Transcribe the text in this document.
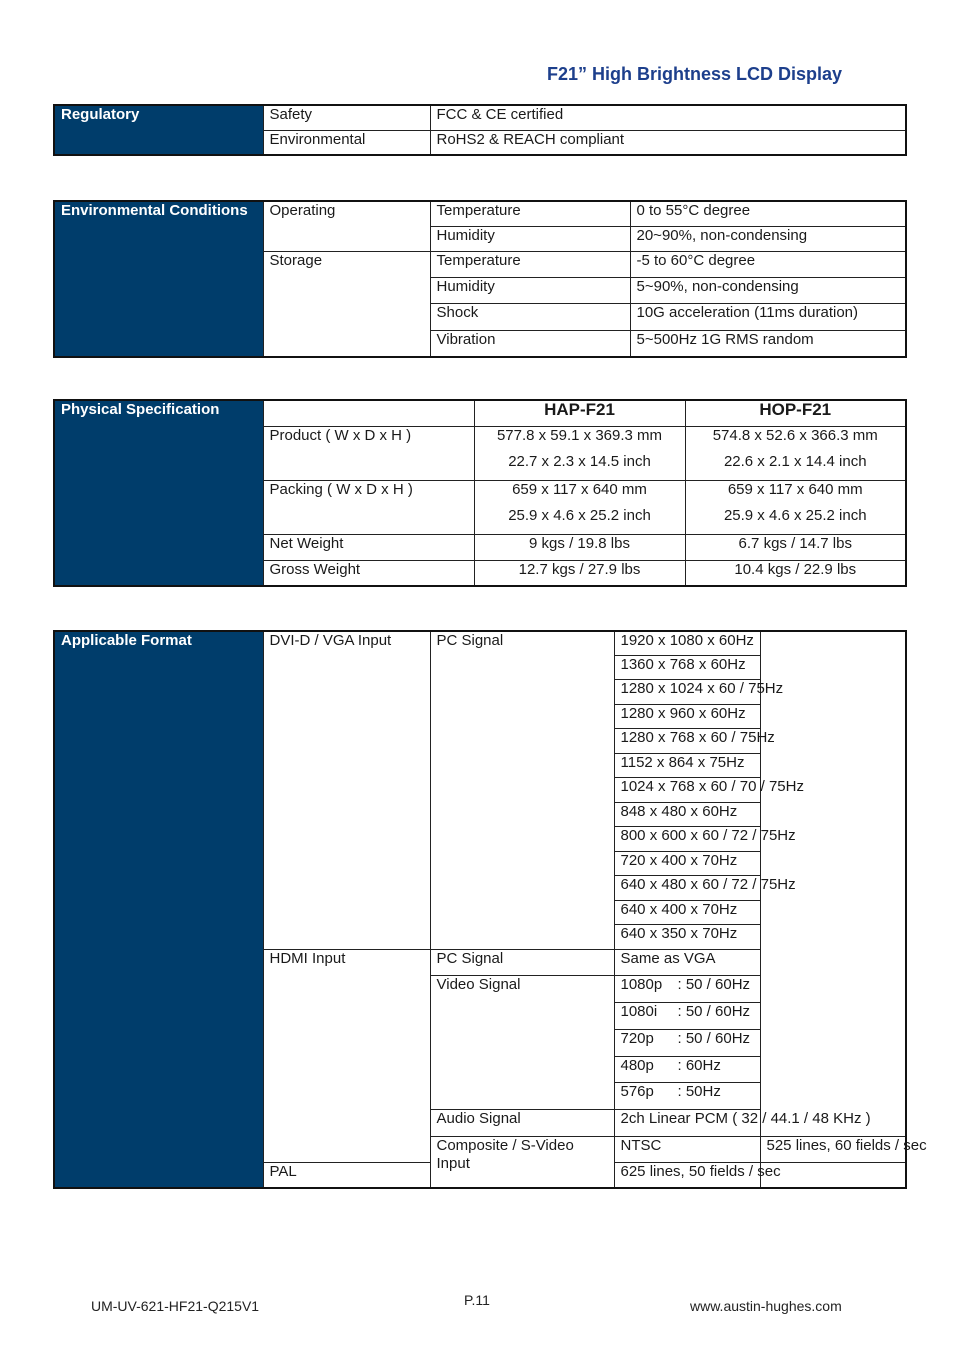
F21” High Brightness LCD Display
Regulatory	Safety	FCC & CE certified
	Environmental	RoHS2 & REACH compliant
Environmental Conditions	Operating	Temperature	0 to 55°C degree
		Humidity	20~90%, non-condensing
	Storage	Temperature	-5 to 60°C degree
		Humidity	5~90%, non-condensing
		Shock	10G acceleration (11ms duration)
		Vibration	5~500Hz 1G RMS random
Physical Specification		HAP-F21	HOP-F21
	Product ( W x D x H )	577.8 x 59.1 x 369.3 mm	574.8 x 52.6 x 366.3 mm
		22.7 x 2.3 x 14.5 inch	22.6 x 2.1 x 14.4 inch
	Packing ( W x D x H )	659 x 117 x 640 mm	659 x 117 x 640 mm
		25.9 x 4.6 x 25.2 inch	25.9 x 4.6 x 25.2 inch
	Net Weight	9 kgs / 19.8 lbs	6.7 kgs / 14.7 lbs
	Gross Weight	12.7 kgs / 27.9 lbs	10.4 kgs / 22.9 lbs
Applicable Format	DVI-D / VGA Input	PC Signal	1920 x 1080 x 60Hz	
			1360 x 768 x 60Hz	
			1280 x 1024 x 60 / 75Hz	
			1280 x 960 x 60Hz	
			1280 x 768 x 60 / 75Hz	
			1152 x 864 x 75Hz	
			1024 x 768 x 60 / 70 / 75Hz	
			848 x 480 x 60Hz	
			800 x 600 x 60 / 72 / 75Hz	
			720 x 400 x 70Hz	
			640 x 480 x 60 / 72 / 75Hz	
			640 x 400 x 70Hz	
			640 x 350 x 70Hz	
	HDMI Input	PC Signal	Same as VGA	
		Video Signal	1080p : 50 / 60Hz	
			1080i : 50 / 60Hz	
			720p : 50 / 60Hz	
			480p : 60Hz	
			576p : 50Hz	
		Audio Signal	2ch Linear PCM ( 32 / 44.1 / 48 KHz )	
		Composite / S-Video Input	NTSC	525 lines, 60 fields / sec
	PAL		625 lines, 50 fields / sec	
UM-UV-621-HF21-Q215V1	P.11	www.austin-hughes.com
